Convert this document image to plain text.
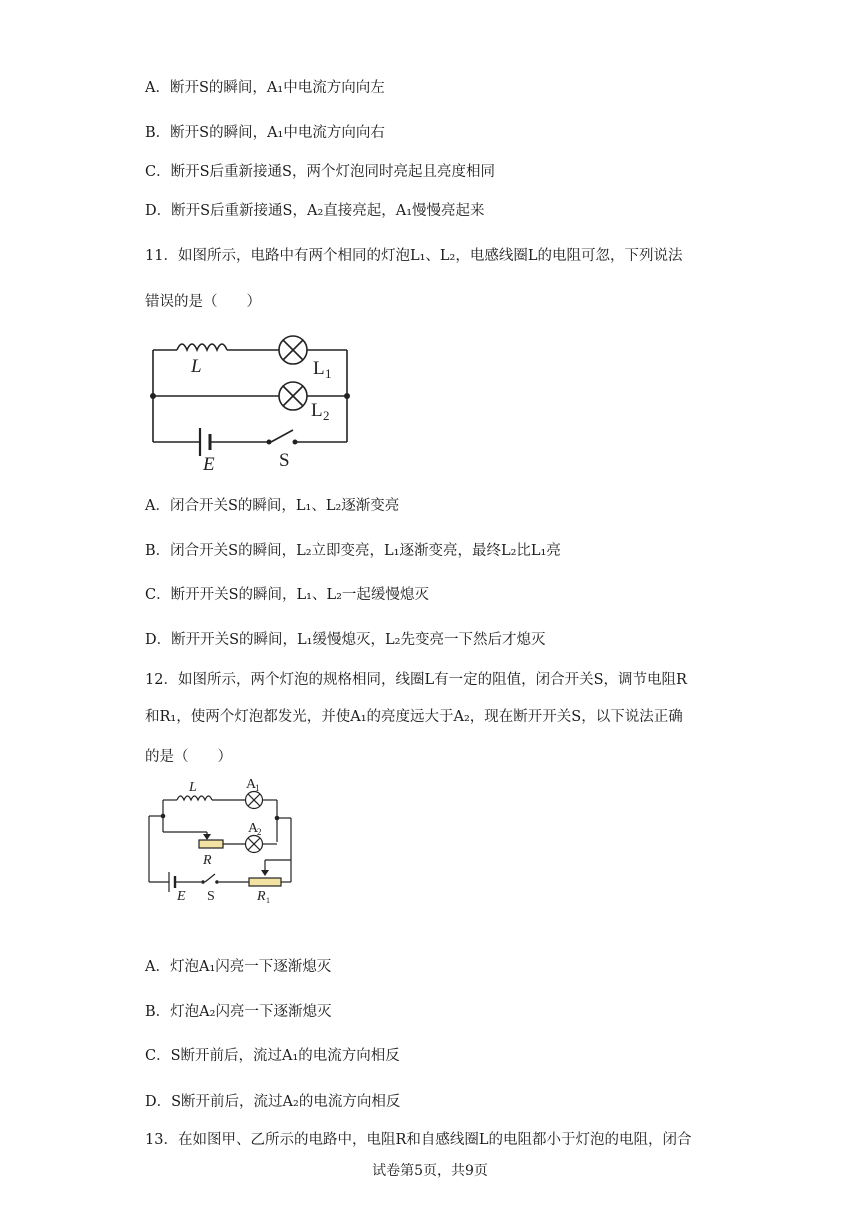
A．断开S的瞬间，A₁中电流方向向左
B．断开S的瞬间，A₁中电流方向向右
C．断开S后重新接通S，两个灯泡同时亮起且亮度相同
D．断开S后重新接通S，A₂直接亮起，A₁慢慢亮起来
11．如图所示，电路中有两个相同的灯泡L₁、L₂，电感线圈L的电阻可忽，下列说法
错误的是（　　）
L	L 1
L 2
E	S
A．闭合开关S的瞬间，L₁、L₂逐渐变亮
B．闭合开关S的瞬间，L₂立即变亮，L₁逐渐变亮，最终L₂比L₁亮
C．断开开关S的瞬间，L₁、L₂一起缓慢熄灭
D．断开开关S的瞬间，L₁缓慢熄灭，L₂先变亮一下然后才熄灭
12．如图所示，两个灯泡的规格相同，线圈L有一定的阻值，闭合开关S，调节电阻R
和R₁，使两个灯泡都发光，并使A₁的亮度远大于A₂，现在断开开关S，以下说法正确
的是（　　）
L	A
1
A
2
R
E S	R 1
A．灯泡A₁闪亮一下逐渐熄灭
B．灯泡A₂闪亮一下逐渐熄灭
C．S断开前后，流过A₁的电流方向相反
D．S断开前后，流过A₂的电流方向相反
13．在如图甲、乙所示的电路中，电阻R和自感线圈L的电阻都小于灯泡的电阻，闭合
试卷第5页，共9页
